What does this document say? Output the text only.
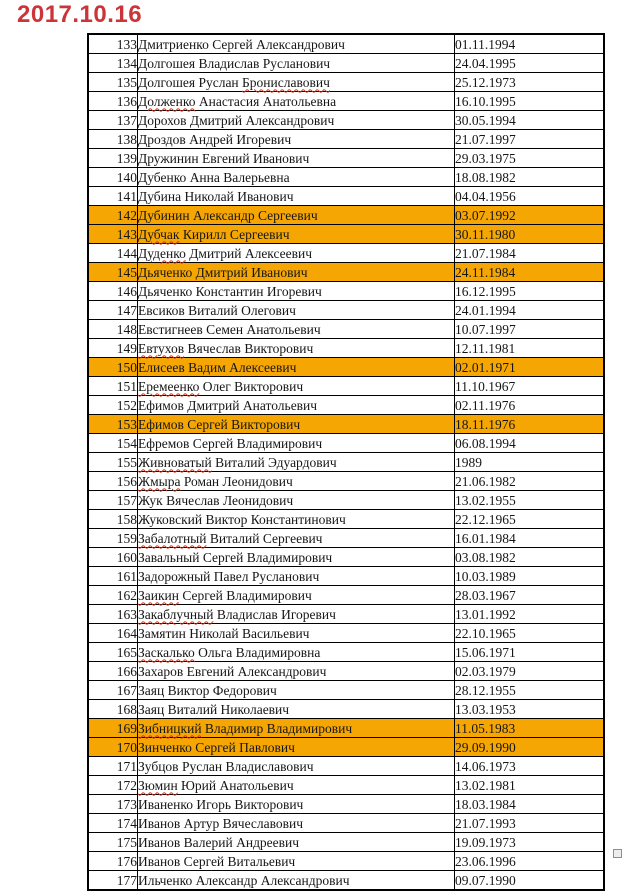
2017.10.16
133	Дмитриенко Сергей Александрович	01.11.1994
134	Долгошея Владислав Русланович	24.04.1995
135	Долгошея Руслан Брониславович	25.12.1973
136	Долженко Анастасия Анатольевна	16.10.1995
137	Дорохов Дмитрий Александрович	30.05.1994
138	Дроздов Андрей Игоревич	21.07.1997
139	Дружинин Евгений Иванович	29.03.1975
140	Дубенко Анна Валерьевна	18.08.1982
141	Дубина Николай Иванович	04.04.1956
142	Дубинин Александр Сергеевич	03.07.1992
143	Дубчак Кирилл Сергеевич	30.11.1980
144	Дуденко Дмитрий Алексеевич	21.07.1984
145	Дьяченко Дмитрий Иванович	24.11.1984
146	Дьяченко Константин Игоревич	16.12.1995
147	Евсиков Виталий Олегович	24.01.1994
148	Евстигнеев Семен Анатольевич	10.07.1997
149	Евтухов Вячеслав Викторович	12.11.1981
150	Елисеев Вадим Алексеевич	02.01.1971
151	Еремеенко Олег Викторович	11.10.1967
152	Ефимов Дмитрий Анатольевич	02.11.1976
153	Ефимов Сергей Викторович	18.11.1976
154	Ефремов Сергей Владимирович	06.08.1994
155	Живноватый Виталий Эдуардович	1989
156	Жмыра Роман Леонидович	21.06.1982
157	Жук Вячеслав Леонидович	13.02.1955
158	Жуковский Виктор Константинович	22.12.1965
159	Забалотный Виталий Сергеевич	16.01.1984
160	Завальный Сергей Владимирович	03.08.1982
161	Задорожный Павел Русланович	10.03.1989
162	Заикин Сергей Владимирович	28.03.1967
163	Закаблучный Владислав Игоревич	13.01.1992
164	Замятин Николай Васильевич	22.10.1965
165	Заскалько Ольга Владимировна	15.06.1971
166	Захаров Евгений Александрович	02.03.1979
167	Заяц Виктор Федорович	28.12.1955
168	Заяц Виталий Николаевич	13.03.1953
169	Зибницкий Владимир Владимирович	11.05.1983
170	Зинченко Сергей Павлович	29.09.1990
171	Зубцов Руслан Владиславович	14.06.1973
172	Зюмин Юрий Анатольевич	13.02.1981
173	Иваненко Игорь Викторович	18.03.1984
174	Иванов Артур Вячеславович	21.07.1993
175	Иванов Валерий Андреевич	19.09.1973
176	Иванов Сергей Витальевич	23.06.1996
177	Ильченко Александр Александрович	09.07.1990
